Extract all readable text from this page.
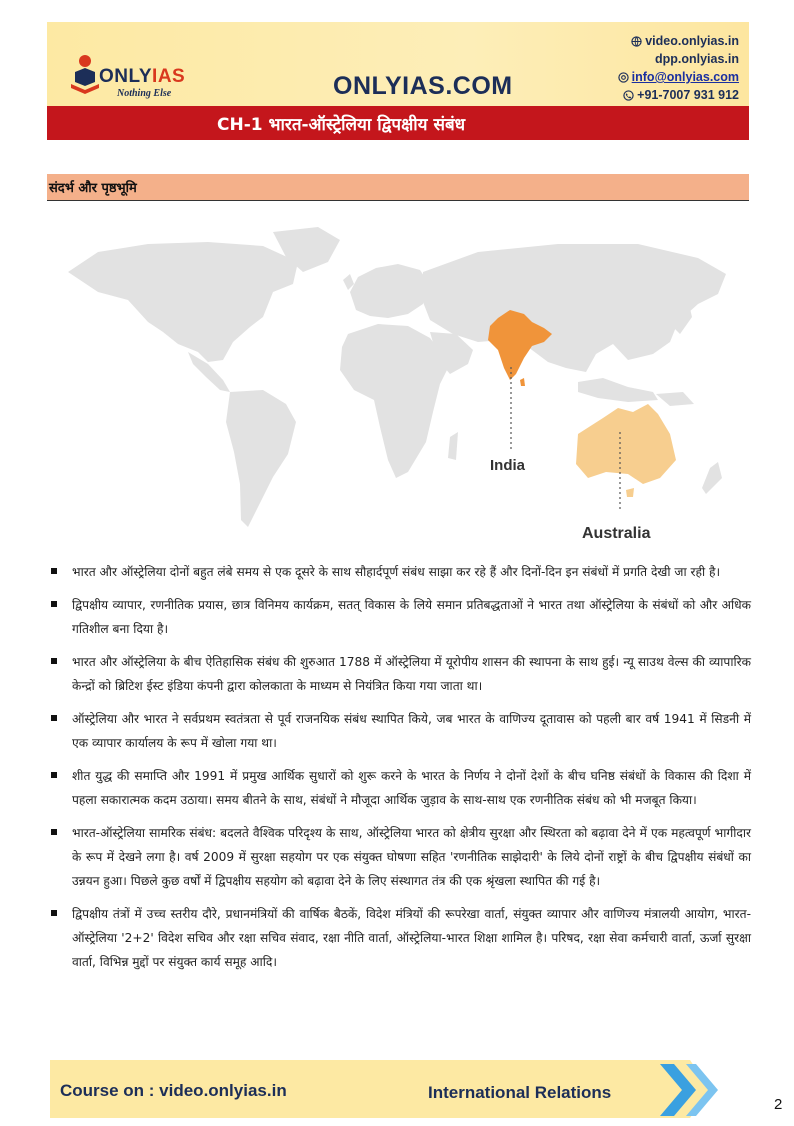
ONLYIAS
Nothing Else	ONLYIAS.COM
video.onlyias.in
dpp.onlyias.in
info@onlyias.com
+91-7007 931 912
CH-1 भारत-ऑस्ट्रेलिया द्विपक्षीय संबंध
संदर्भ और पृष्ठभूमि
India
Australia
भारत और ऑस्ट्रेलिया दोनों बहुत लंबे समय से एक दूसरे के साथ सौहार्दपूर्ण संबंध साझा कर रहे हैं और दिनों-दिन इन संबंधों में प्रगति देखी जा रही है।
द्विपक्षीय व्यापार, रणनीतिक प्रयास, छात्र विनिमय कार्यक्रम, सतत् विकास के लिये समान प्रतिबद्धताओं ने भारत तथा ऑस्ट्रेलिया के संबंधों को और अधिक गतिशील बना दिया है।
भारत और ऑस्ट्रेलिया के बीच ऐतिहासिक संबंध की शुरुआत 1788 में ऑस्ट्रेलिया में यूरोपीय शासन की स्थापना के साथ हुई। न्यू साउथ वेल्स की व्यापारिक केन्द्रों को ब्रिटिश ईस्ट इंडिया कंपनी द्वारा कोलकाता के माध्यम से नियंत्रित किया गया जाता था।
ऑस्ट्रेलिया और भारत ने सर्वप्रथम स्वतंत्रता से पूर्व राजनयिक संबंध स्थापित किये, जब भारत के वाणिज्य दूतावास को पहली बार वर्ष 1941 में सिडनी में एक व्यापार कार्यालय के रूप में खोला गया था।
शीत युद्ध की समाप्ति और 1991 में प्रमुख आर्थिक सुधारों को शुरू करने के भारत के निर्णय ने दोनों देशों के बीच घनिष्ठ संबंधों के विकास की दिशा में पहला सकारात्मक कदम उठाया। समय बीतने के साथ, संबंधों ने मौजूदा आर्थिक जुड़ाव के साथ-साथ एक रणनीतिक संबंध को भी मजबूत किया।
भारत-ऑस्ट्रेलिया सामरिक संबंध: बदलते वैश्विक परिदृश्य के साथ, ऑस्ट्रेलिया भारत को क्षेत्रीय सुरक्षा और स्थिरता को बढ़ावा देने में एक महत्वपूर्ण भागीदार के रूप में देखने लगा है। वर्ष 2009 में सुरक्षा सहयोग पर एक संयुक्त घोषणा सहित 'रणनीतिक साझेदारी' के लिये दोनों राष्ट्रों के बीच द्विपक्षीय संबंधों का उन्नयन हुआ। पिछले कुछ वर्षों में द्विपक्षीय सहयोग को बढ़ावा देने के लिए संस्थागत तंत्र की एक श्रृंखला स्थापित की गई है।
द्विपक्षीय तंत्रों में उच्च स्तरीय दौरे, प्रधानमंत्रियों की वार्षिक बैठकें, विदेश मंत्रियों की रूपरेखा वार्ता, संयुक्त व्यापार और वाणिज्य मंत्रालयी आयोग, भारत-ऑस्ट्रेलिया '2+2' विदेश सचिव और रक्षा सचिव संवाद, रक्षा नीति वार्ता, ऑस्ट्रेलिया-भारत शिक्षा शामिल है। परिषद, रक्षा सेवा कर्मचारी वार्ता, ऊर्जा सुरक्षा वार्ता, विभिन्न मुद्दों पर संयुक्त कार्य समूह आदि।
Course on : video.onlyias.in	International Relations
2
